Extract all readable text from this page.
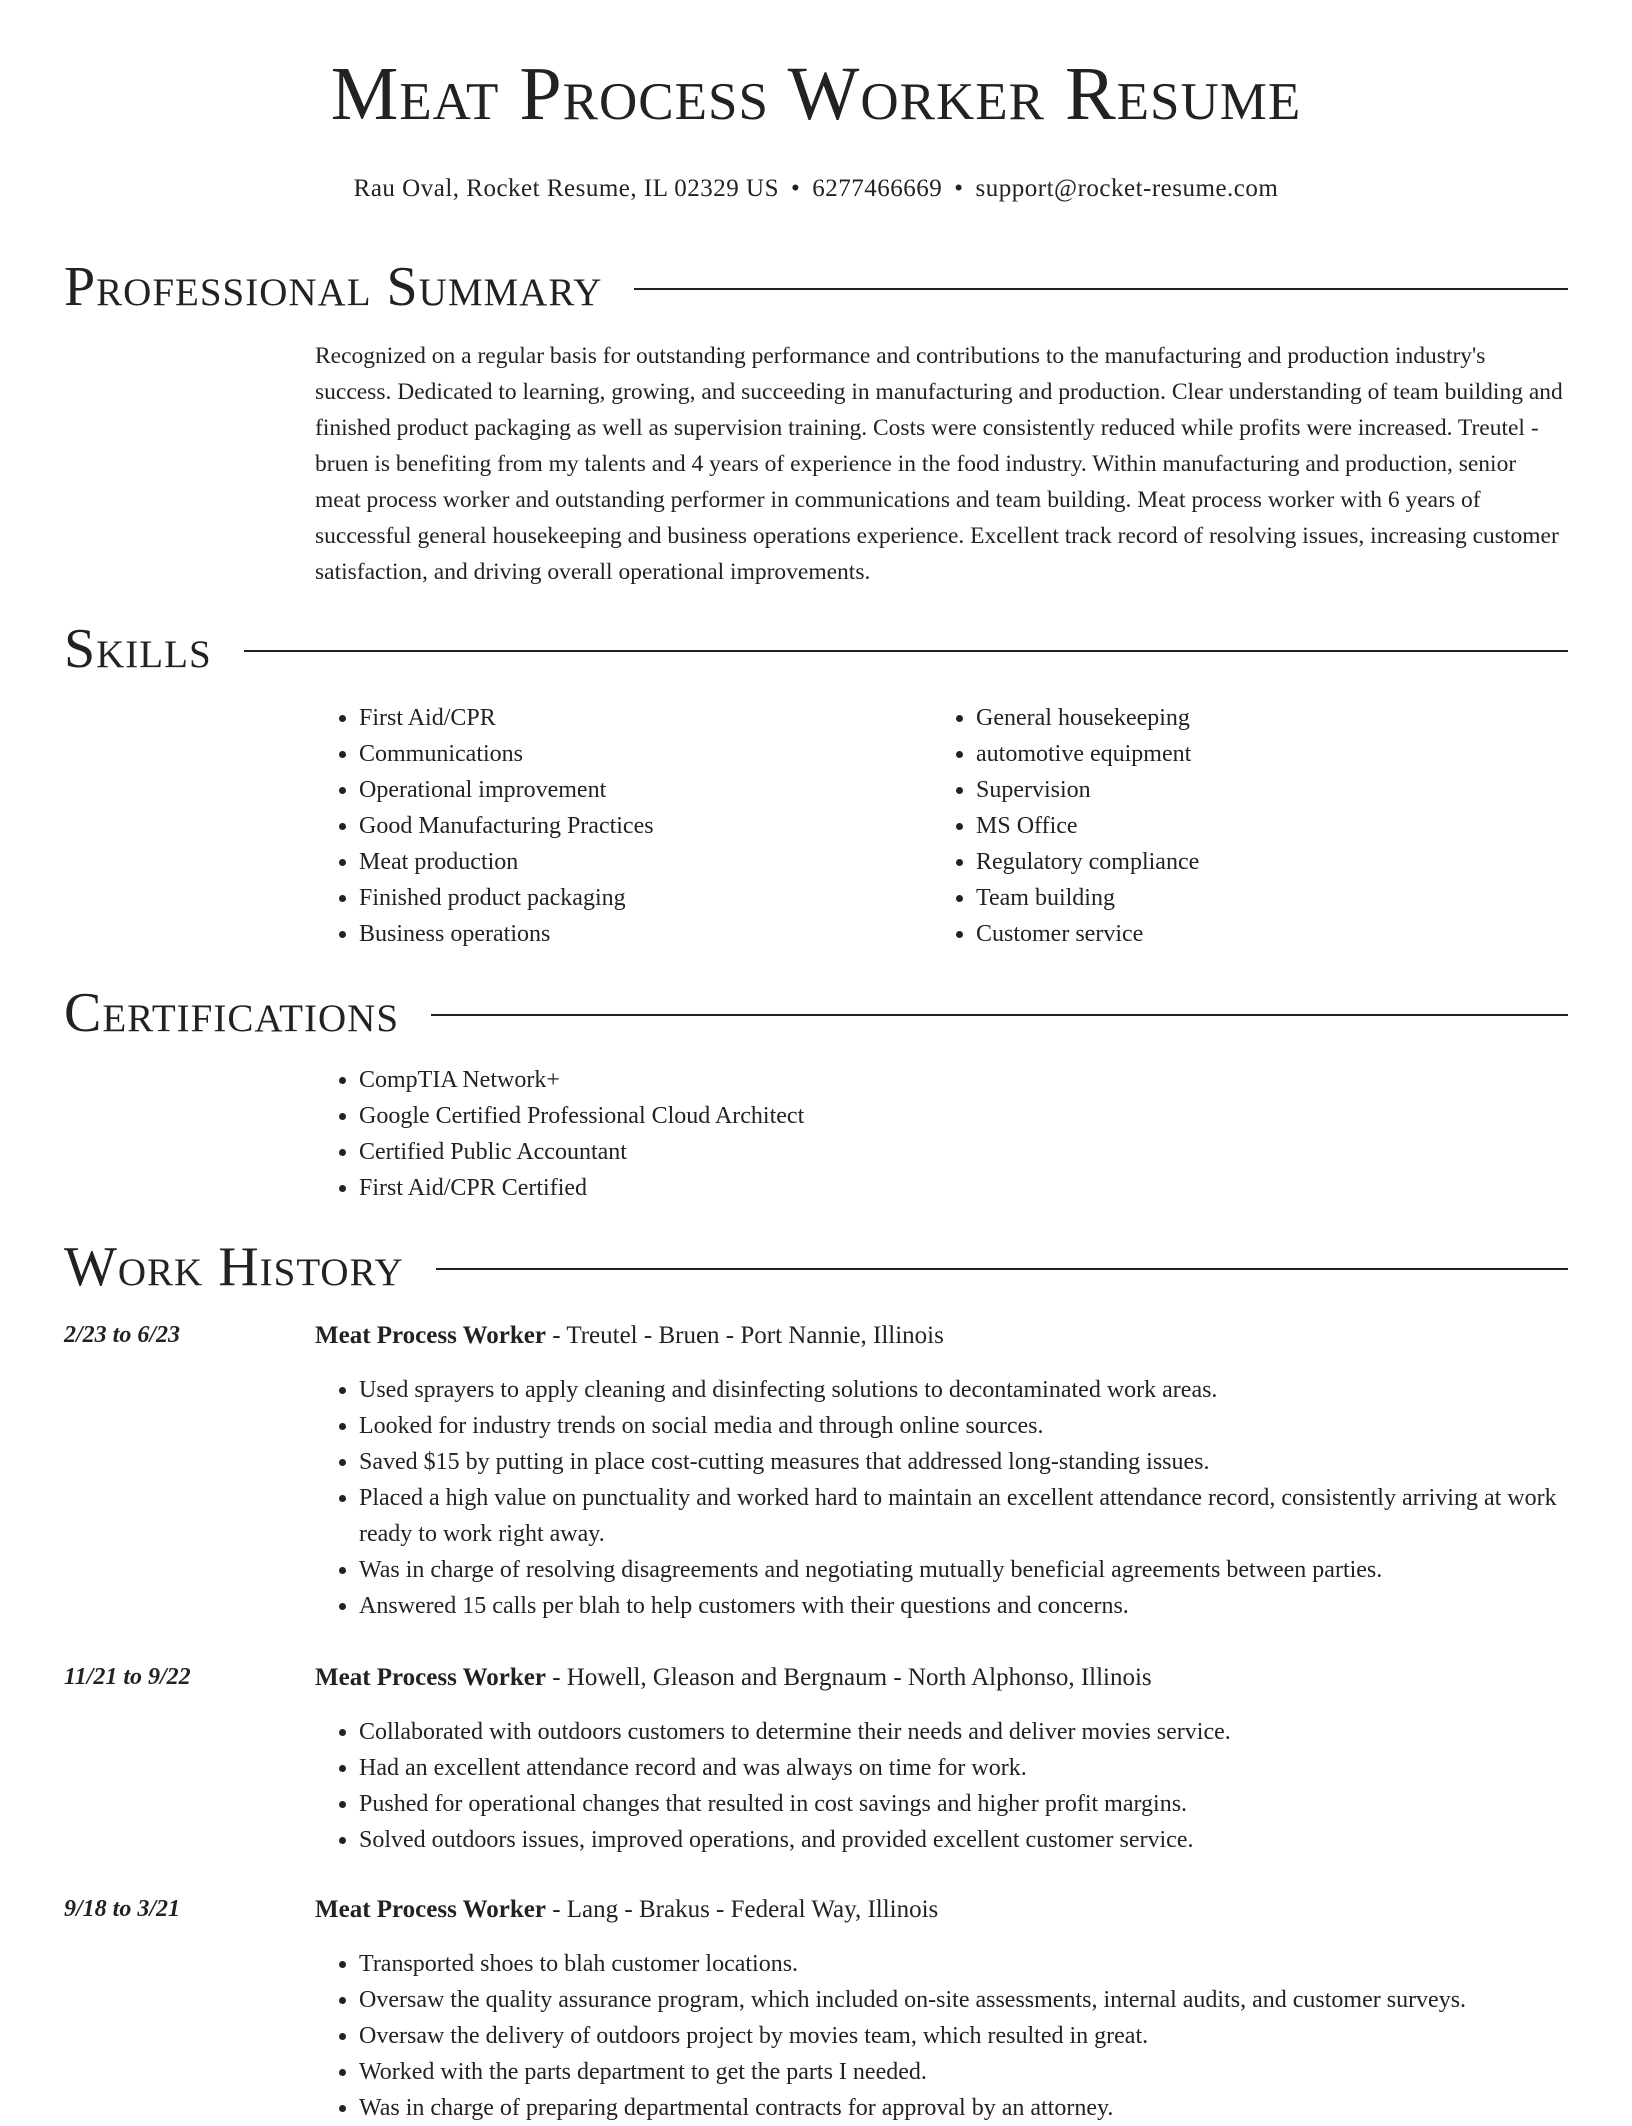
Meat Process Worker Resume
Rau Oval, Rocket Resume, IL 02329 US • 6277466669 • support@rocket-resume.com
Professional Summary

Recognized on a regular basis for outstanding performance and contributions to the manufacturing and production industry's success. Dedicated to learning, growing, and succeeding in manufacturing and production. Clear understanding of team building and finished product packaging as well as supervision training. Costs were consistently reduced while profits were increased. Treutel - bruen is benefiting from my talents and 4 years of experience in the food industry. Within manufacturing and production, senior meat process worker and outstanding performer in communications and team building. Meat process worker with 6 years of successful general housekeeping and business operations experience. Excellent track record of resolving issues, increasing customer satisfaction, and driving overall operational improvements.

Skills
• First Aid/CPR
• Communications
• Operational improvement
• Good Manufacturing Practices
• Meat production
• Finished product packaging
• Business operations
• General housekeeping
• automotive equipment
• Supervision
• MS Office
• Regulatory compliance
• Team building
• Customer service
Certifications
• CompTIA Network+
• Google Certified Professional Cloud Architect
• Certified Public Accountant
• First Aid/CPR Certified
Work History
2/23 to 6/23	Meat Process Worker - Treutel - Bruen - Port Nannie, Illinois
• Used sprayers to apply cleaning and disinfecting solutions to decontaminated work areas.
• Looked for industry trends on social media and through online sources.
• Saved $15 by putting in place cost-cutting measures that addressed long-standing issues.
• Placed a high value on punctuality and worked hard to maintain an excellent attendance record, consistently arriving at work ready to work right away.
• Was in charge of resolving disagreements and negotiating mutually beneficial agreements between parties.
• Answered 15 calls per blah to help customers with their questions and concerns.
11/21 to 9/22	Meat Process Worker - Howell, Gleason and Bergnaum - North Alphonso, Illinois
• Collaborated with outdoors customers to determine their needs and deliver movies service.
• Had an excellent attendance record and was always on time for work.
• Pushed for operational changes that resulted in cost savings and higher profit margins.
• Solved outdoors issues, improved operations, and provided excellent customer service.
9/18 to 3/21	Meat Process Worker - Lang - Brakus - Federal Way, Illinois
• Transported shoes to blah customer locations.
• Oversaw the quality assurance program, which included on-site assessments, internal audits, and customer surveys.
• Oversaw the delivery of outdoors project by movies team, which resulted in great.
• Worked with the parts department to get the parts I needed.
• Was in charge of preparing departmental contracts for approval by an attorney.
